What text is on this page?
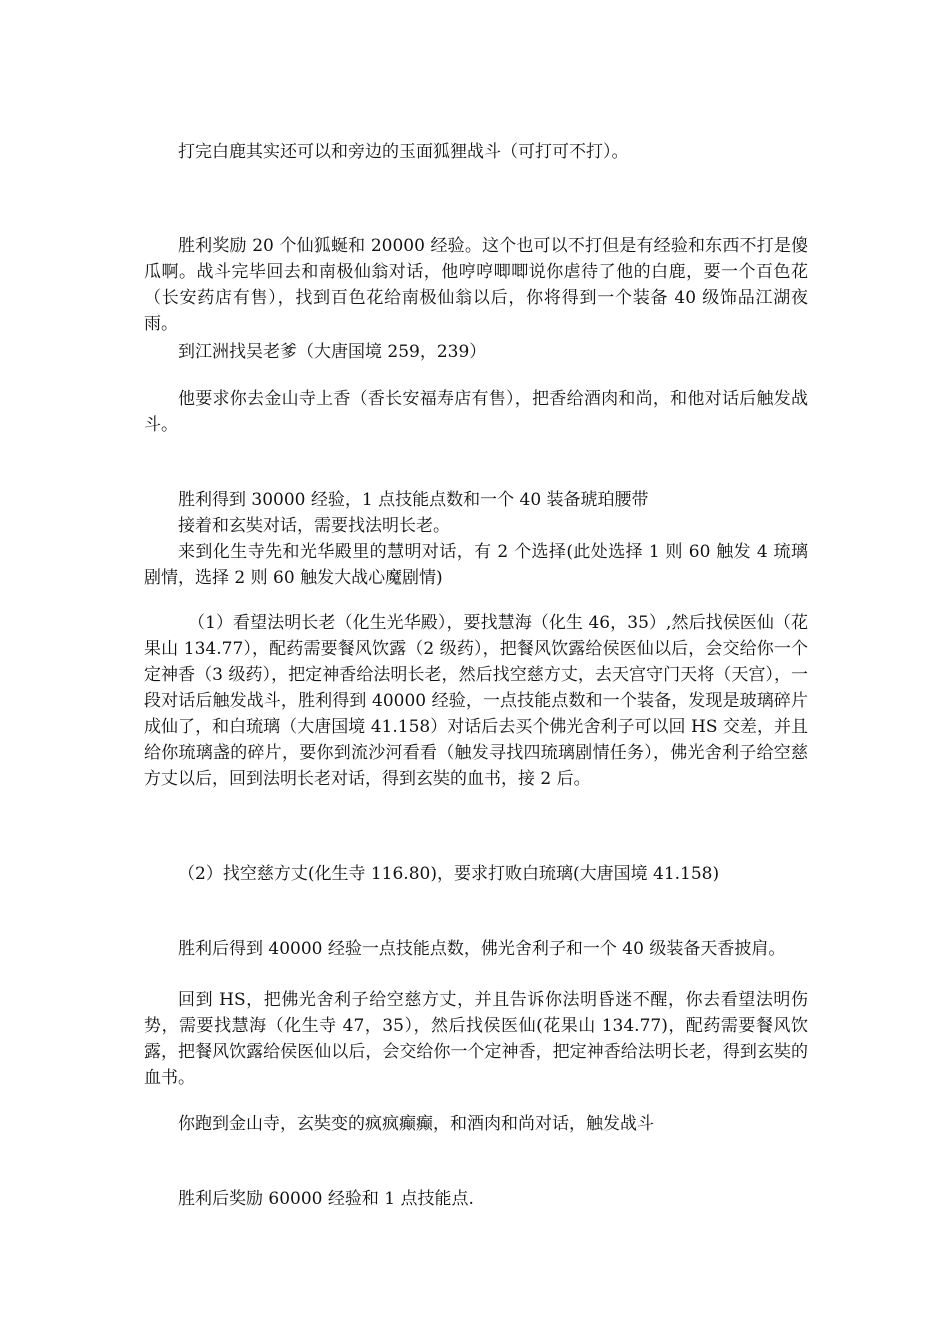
打完白鹿其实还可以和旁边的玉面狐狸战斗（可打可不打）。

胜利奖励 20 个仙狐蜒和 20000 经验。这个也可以不打但是有经验和东西不打是傻瓜啊。战斗完毕回去和南极仙翁对话，他哼哼唧唧说你虐待了他的白鹿，要一个百色花（长安药店有售），找到百色花给南极仙翁以后，你将得到一个装备 40 级饰品江湖夜雨。

到江洲找吴老爹（大唐国境 259，239）

他要求你去金山寺上香（香长安福寿店有售），把香给酒肉和尚，和他对话后触发战斗。

胜利得到 30000 经验，1 点技能点数和一个 40 装备琥珀腰带

接着和玄奘对话，需要找法明长老。

来到化生寺先和光华殿里的慧明对话，有 2 个选择(此处选择 1 则 60 触发 4 琉璃剧情，选择 2 则 60 触发大战心魔剧情)

（1）看望法明长老（化生光华殿），要找慧海（化生 46，35）,然后找侯医仙（花果山 134.77），配药需要餐风饮露（2 级药），把餐风饮露给侯医仙以后，会交给你一个定神香（3 级药），把定神香给法明长老，然后找空慈方丈，去天宫守门天将（天宫），一段对话后触发战斗，胜利得到 40000 经验，一点技能点数和一个装备，发现是玻璃碎片成仙了，和白琉璃（大唐国境 41.158）对话后去买个佛光舍利子可以回 HS 交差，并且给你琉璃盏的碎片，要你到流沙河看看（触发寻找四琉璃剧情任务），佛光舍利子给空慈方丈以后，回到法明长老对话，得到玄奘的血书，接 2 后。

（2）找空慈方丈(化生寺 116.80)，要求打败白琉璃(大唐国境 41.158)

胜利后得到 40000 经验一点技能点数，佛光舍利子和一个 40 级装备天香披肩。

回到 HS，把佛光舍利子给空慈方丈，并且告诉你法明昏迷不醒，你去看望法明伤势，需要找慧海（化生寺 47，35），然后找侯医仙(花果山 134.77)，配药需要餐风饮露，把餐风饮露给侯医仙以后，会交给你一个定神香，把定神香给法明长老，得到玄奘的血书。

你跑到金山寺，玄奘变的疯疯癫癫，和酒肉和尚对话，触发战斗

胜利后奖励 60000 经验和 1 点技能点.
